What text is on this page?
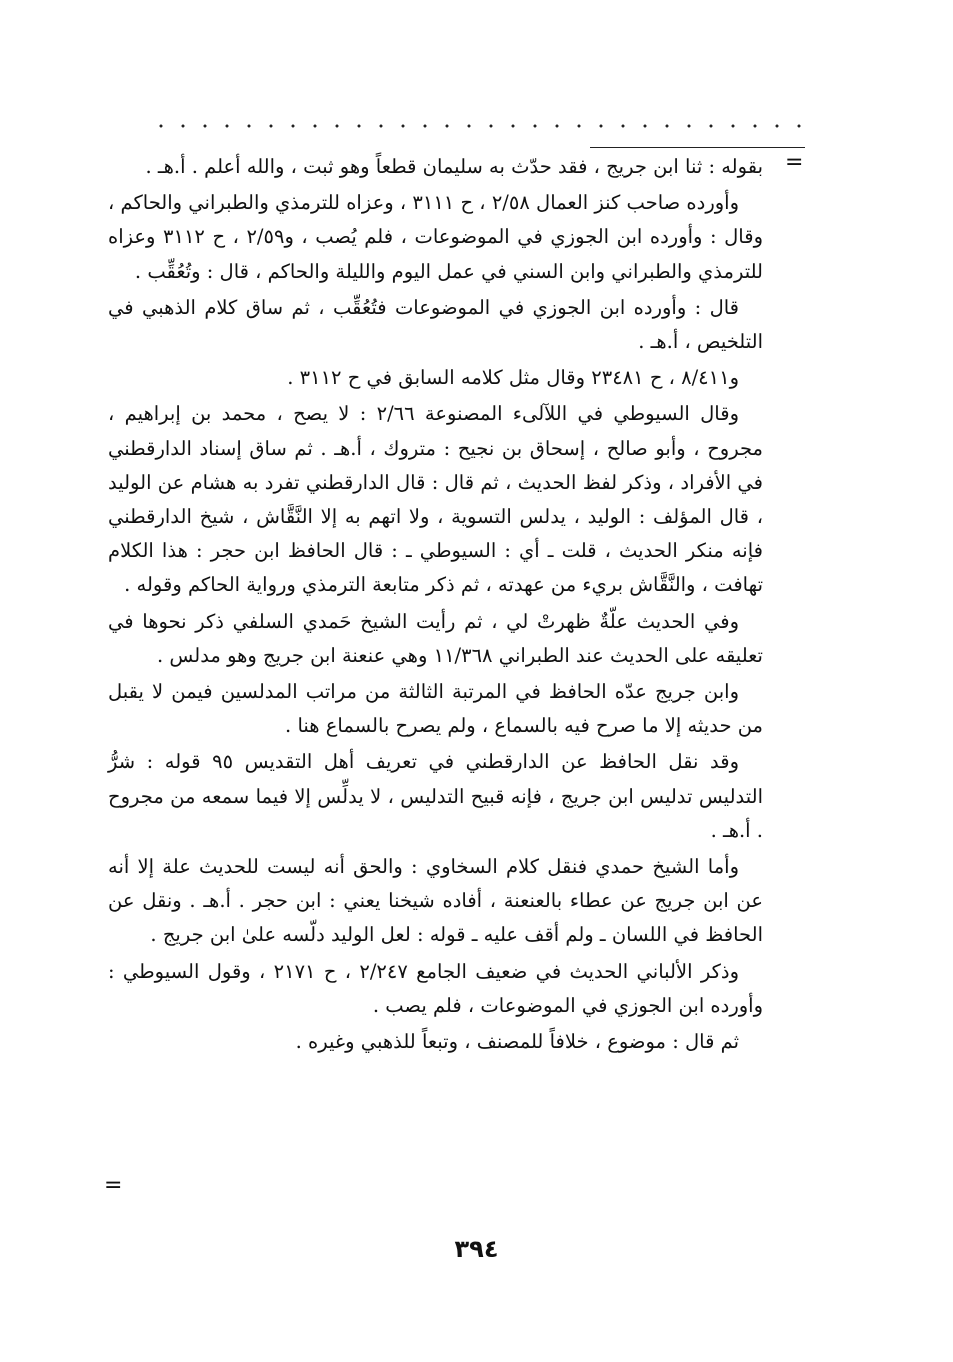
=

بقوله : ثنا ابن جريج ، فقد حدّث به سليمان قطعاً وهو ثبت ، والله أعلم . أ.هـ .

وأورده صاحب كنز العمال ٢/٥٨ ، ح ٣١١١ ، وعزاه للترمذي والطبراني والحاكم ، وقال : وأورده ابن الجوزي في الموضوعات ، فلم يُصب ، و٢/٥٩ ، ح ٣١١٢ وعزاه للترمذي والطبراني وابن السني في عمل اليوم والليلة والحاكم ، قال : وتُعُقِّب .

قال : وأورده ابن الجوزي في الموضوعات فتُعُقِّب ، ثم ساق كلام الذهبي في التلخيص ، أ.هـ .

و٨/٤١١ ، ح ٢٣٤٨١ وقال مثل كلامه السابق في ح ٣١١٢ .

وقال السيوطي في اللآلىء المصنوعة ٢/٦٦ : لا يصح ، محمد بن إبراهيم ، مجروح ، وأبو صالح ، إسحاق بن نجيح : متروك ، أ.هـ . ثم ساق إسناد الدارقطني في الأفراد ، وذكر لفظ الحديث ، ثم قال : قال الدارقطني تفرد به هشام عن الوليد ، قال المؤلف : الوليد ، يدلس التسوية ، ولا اتهم به إلا النَّقَّاش ، شيخ الدارقطني فإنه منكر الحديث ، قلت ـ أي : السيوطي ـ : قال الحافظ ابن حجر : هذا الكلام تهافت ، والنَّقَّاش بريء من عهدته ، ثم ذكر متابعة الترمذي ورواية الحاكم وقوله .

وفي الحديث علّةٌ ظهرتْ لي ، ثم رأيت الشيخ حَمدي السلفي ذكر نحوها في تعليقه على الحديث عند الطبراني ١١/٣٦٨ وهي عنعنة ابن جريج وهو مدلس .

وابن جريج عدّه الحافظ في المرتبة الثالثة من مراتب المدلسين فيمن لا يقبل من حديثه إلا ما صرح فيه بالسماع ، ولم يصرح بالسماع هنا .

وقد نقل الحافظ عن الدارقطني في تعريف أهل التقديس ٩٥ قوله : شرُّ التدليس تدليس ابن جريج ، فإنه قبيح التدليس ، لا يدلِّس إلا فيما سمعه من مجروح . أ.هـ .

وأما الشيخ حمدي فنقل كلام السخاوي : والحق أنه ليست للحديث علة إلا أنه عن ابن جريج عن عطاء بالعنعنة ، أفاده شيخنا يعني : ابن حجر . أ.هـ . ونقل عن الحافظ في اللسان ـ ولم أقف عليه ـ قوله : لعل الوليد دلّسه علىٰ ابن جريج .

وذكر الألباني الحديث في ضعيف الجامع ٢/٢٤٧ ، ح ٢١٧١ ، وقول السيوطي : وأورده ابن الجوزي في الموضوعات ، فلم يصب .

ثم قال : موضوع ، خلافاً للمصنف ، وتبعاً للذهبي وغيره .

=
٣٩٤
